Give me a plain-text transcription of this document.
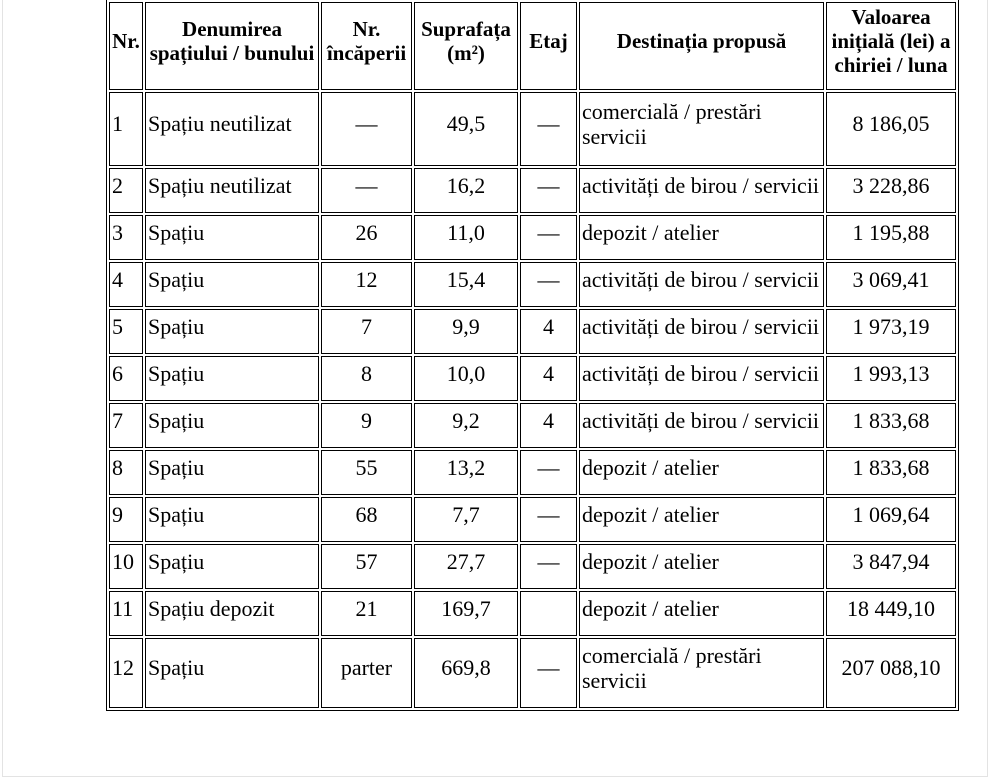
Nr.	Denumirea spațiului / bunului	Nr. încăperii	Suprafața (m²)	Etaj	Destinația propusă	Valoarea inițială (lei) a chiriei / luna

1	Spațiu neutilizat	—	49,5	—	comercială / prestări servicii	8 186,05

2	Spațiu neutilizat	—	16,2	—	activități de birou / servicii	3 228,86

3	Spațiu	26	11,0	—	depozit / atelier	1 195,88

4	Spațiu	12	15,4	—	activități de birou / servicii	3 069,41

5	Spațiu	7	9,9	4	activități de birou / servicii	1 973,19

6	Spațiu	8	10,0	4	activități de birou / servicii	1 993,13

7	Spațiu	9	9,2	4	activități de birou / servicii	1 833,68

8	Spațiu	55	13,2	—	depozit / atelier	1 833,68

9	Spațiu	68	7,7	—	depozit / atelier	1 069,64

10	Spațiu	57	27,7	—	depozit / atelier	3 847,94

11	Spațiu depozit	21	169,7		depozit / atelier	18 449,10

12	Spațiu	parter	669,8	—	comercială / prestări servicii	207 088,10
